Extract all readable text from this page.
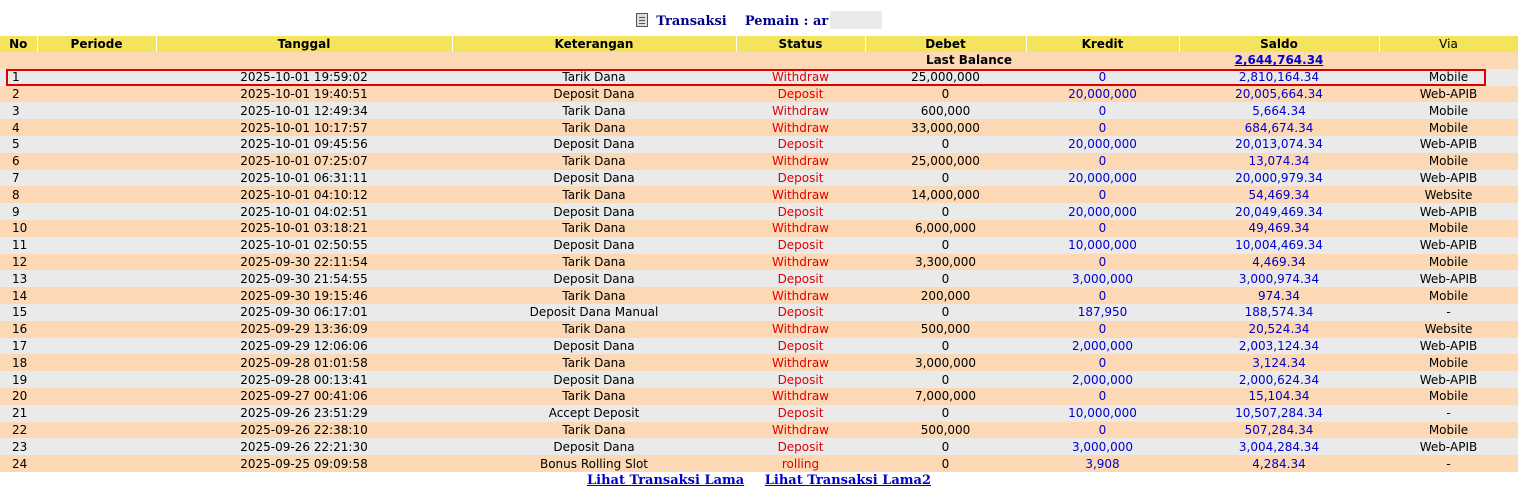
Transaksi Pemain : ar
No	Periode	Tanggal	Keterangan	Status	Debet	Kredit	Saldo	Via
Last Balance							2,644,764.34	
1		2025-10-01 19:59:02	Tarik Dana	Withdraw	25,000,000	0	2,810,164.34	Mobile
2		2025-10-01 19:40:51	Deposit Dana	Deposit	0	20,000,000	20,005,664.34	Web-APIB
3		2025-10-01 12:49:34	Tarik Dana	Withdraw	600,000	0	5,664.34	Mobile
4		2025-10-01 10:17:57	Tarik Dana	Withdraw	33,000,000	0	684,674.34	Mobile
5		2025-10-01 09:45:56	Deposit Dana	Deposit	0	20,000,000	20,013,074.34	Web-APIB
6		2025-10-01 07:25:07	Tarik Dana	Withdraw	25,000,000	0	13,074.34	Mobile
7		2025-10-01 06:31:11	Deposit Dana	Deposit	0	20,000,000	20,000,979.34	Web-APIB
8		2025-10-01 04:10:12	Tarik Dana	Withdraw	14,000,000	0	54,469.34	Website
9		2025-10-01 04:02:51	Deposit Dana	Deposit	0	20,000,000	20,049,469.34	Web-APIB
10		2025-10-01 03:18:21	Tarik Dana	Withdraw	6,000,000	0	49,469.34	Mobile
11		2025-10-01 02:50:55	Deposit Dana	Deposit	0	10,000,000	10,004,469.34	Web-APIB
12		2025-09-30 22:11:54	Tarik Dana	Withdraw	3,300,000	0	4,469.34	Mobile
13		2025-09-30 21:54:55	Deposit Dana	Deposit	0	3,000,000	3,000,974.34	Web-APIB
14		2025-09-30 19:15:46	Tarik Dana	Withdraw	200,000	0	974.34	Mobile
15		2025-09-30 06:17:01	Deposit Dana Manual	Deposit	0	187,950	188,574.34	-
16		2025-09-29 13:36:09	Tarik Dana	Withdraw	500,000	0	20,524.34	Website
17		2025-09-29 12:06:06	Deposit Dana	Deposit	0	2,000,000	2,003,124.34	Web-APIB
18		2025-09-28 01:01:58	Tarik Dana	Withdraw	3,000,000	0	3,124.34	Mobile
19		2025-09-28 00:13:41	Deposit Dana	Deposit	0	2,000,000	2,000,624.34	Web-APIB
20		2025-09-27 00:41:06	Tarik Dana	Withdraw	7,000,000	0	15,104.34	Mobile
21		2025-09-26 23:51:29	Accept Deposit	Deposit	0	10,000,000	10,507,284.34	-
22		2025-09-26 22:38:10	Tarik Dana	Withdraw	500,000	0	507,284.34	Mobile
23		2025-09-26 22:21:30	Deposit Dana	Deposit	0	3,000,000	3,004,284.34	Web-APIB
24		2025-09-25 09:09:58	Bonus Rolling Slot	rolling	0	3,908	4,284.34	-
Lihat Transaksi Lama Lihat Transaksi Lama2
